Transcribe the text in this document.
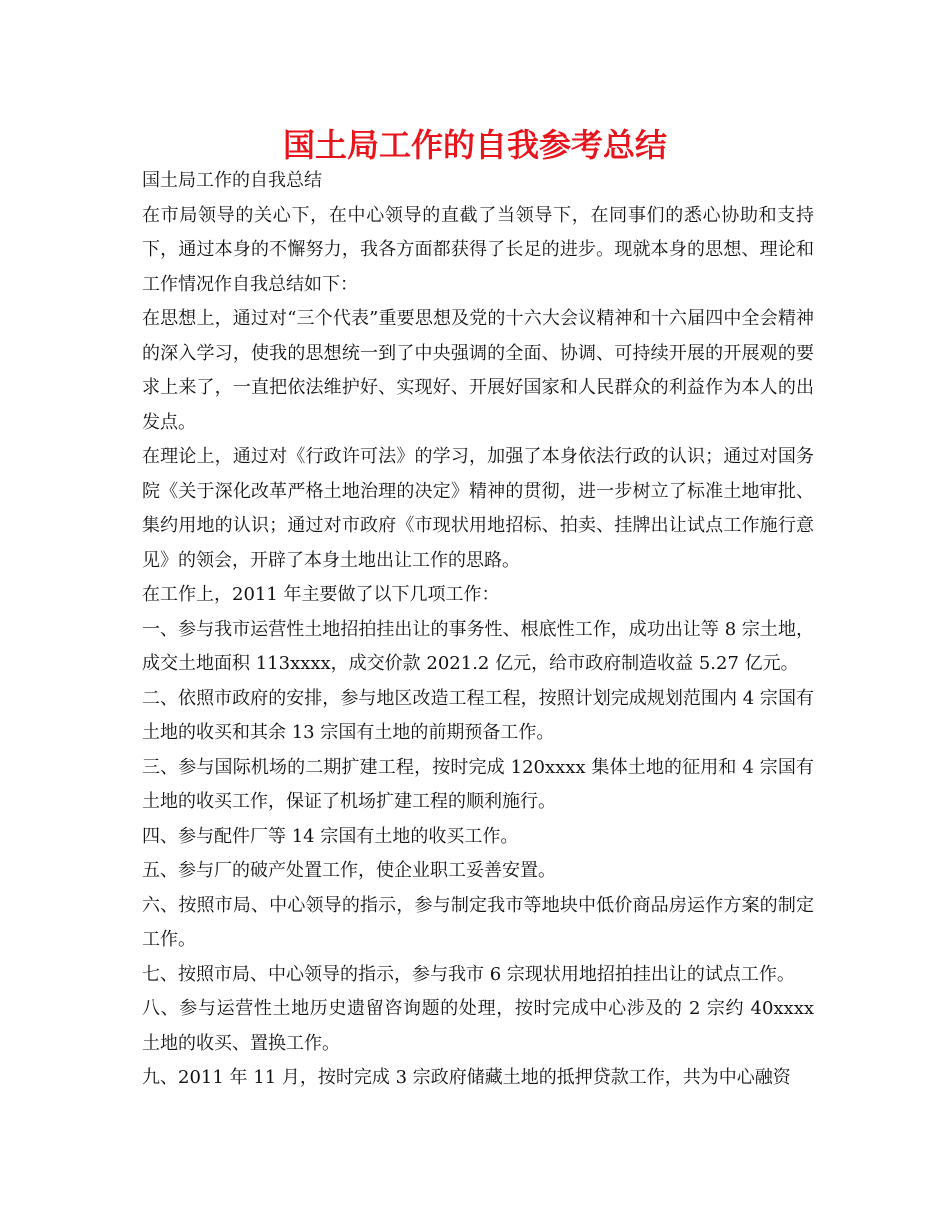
国土局工作的自我参考总结

国土局工作的自我总结

在市局领导的关心下，在中心领导的直截了当领导下，在同事们的悉心协助和支持下，通过本身的不懈努力，我各方面都获得了长足的进步。现就本身的思想、理论和工作情况作自我总结如下：

在思想上，通过对“三个代表”重要思想及党的十六大会议精神和十六届四中全会精神的深入学习，使我的思想统一到了中央强调的全面、协调、可持续开展的开展观的要求上来了，一直把依法维护好、实现好、开展好国家和人民群众的利益作为本人的出发点。

在理论上，通过对《行政许可法》的学习，加强了本身依法行政的认识；通过对国务院《关于深化改革严格土地治理的决定》精神的贯彻，进一步树立了标准土地审批、集约用地的认识；通过对市政府《市现状用地招标、拍卖、挂牌出让试点工作施行意见》的领会，开辟了本身土地出让工作的思路。

在工作上，2011 年主要做了以下几项工作：

一、参与我市运营性土地招拍挂出让的事务性、根底性工作，成功出让等 8 宗土地，成交土地面积 113xxxx，成交价款 2021.2 亿元，给市政府制造收益 5.27 亿元。

二、依照市政府的安排，参与地区改造工程工程，按照计划完成规划范围内 4 宗国有土地的收买和其余 13 宗国有土地的前期预备工作。

三、参与国际机场的二期扩建工程，按时完成 120xxxx 集体土地的征用和 4 宗国有土地的收买工作，保证了机场扩建工程的顺利施行。

四、参与配件厂等 14 宗国有土地的收买工作。

五、参与厂的破产处置工作，使企业职工妥善安置。

六、按照市局、中心领导的指示，参与制定我市等地块中低价商品房运作方案的制定工作。

七、按照市局、中心领导的指示，参与我市 6 宗现状用地招拍挂出让的试点工作。

八、参与运营性土地历史遗留咨询题的处理，按时完成中心涉及的 2 宗约 40xxxx 土地的收买、置换工作。

九、2011 年 11 月，按时完成 3 宗政府储藏土地的抵押贷款工作，共为中心融资
